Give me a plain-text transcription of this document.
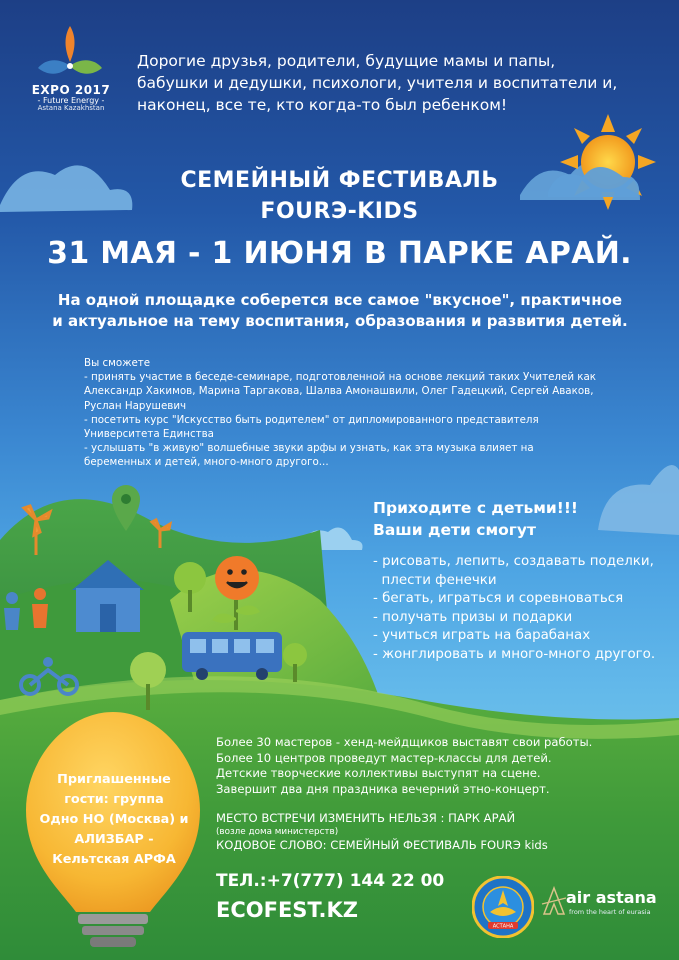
EXPO 2017
- Future Energy -
Astana Kazakhstan
Дорогие друзья, родители, будущие мамы и папы,
бабушки и дедушки, психологи, учителя и воспитатели и,
наконец, все те, кто когда-то был ребенком!
СЕМЕЙНЫЙ ФЕСТИВАЛЬ
FOURЭ-KIDS
31 МАЯ - 1 ИЮНЯ В ПАРКЕ АРАЙ.
На одной площадке соберется все самое "вкусное", практичное
и актуальное на тему воспитания, образования и развития детей.
Вы сможете
- принять участие в беседе-семинаре, подготовленной на основе лекций таких Учителей как
Александр Хакимов, Марина Таргакова, Шалва Амонашвили, Олег Гадецкий, Сергей Аваков,
Руслан Нарушевич
- посетить курс "Искусство быть родителем" от дипломированного представителя
Университета Единства
- услышать "в живую" волшебные звуки арфы и узнать, как эта музыка влияет на
беременных и детей, много-много другого...
Приходите с детьми!!!
Ваши дети смогут
- рисовать, лепить, создавать поделки,
плести фенечки
- бегать, играться и соревноваться
- получать призы и подарки
- учиться играть на барабанах
- жонглировать и много-много другого.
Более 30 мастеров - хенд-мейдщиков выставят свои работы.
Более 10 центров проведут мастер-классы для детей.
Детские творческие коллективы выступят на сцене.
Завершит два дня праздника вечерний этно-концерт.
МЕСТО ВСТРЕЧИ ИЗМЕНИТЬ НЕЛЬЗЯ : ПАРК АРАЙ
(возле дома министерств)
КОДОВОЕ СЛОВО: СЕМЕЙНЫЙ ФЕСТИВАЛЬ FOURЭ kids
ТЕЛ.:+7(777) 144 22 00
ECOFEST.KZ
Приглашенные
гости: группа
Одно НО (Москва) и
АЛИЗБАР -
Кельтская АРФА
АСТАНА
air astana
from the heart of eurasia
